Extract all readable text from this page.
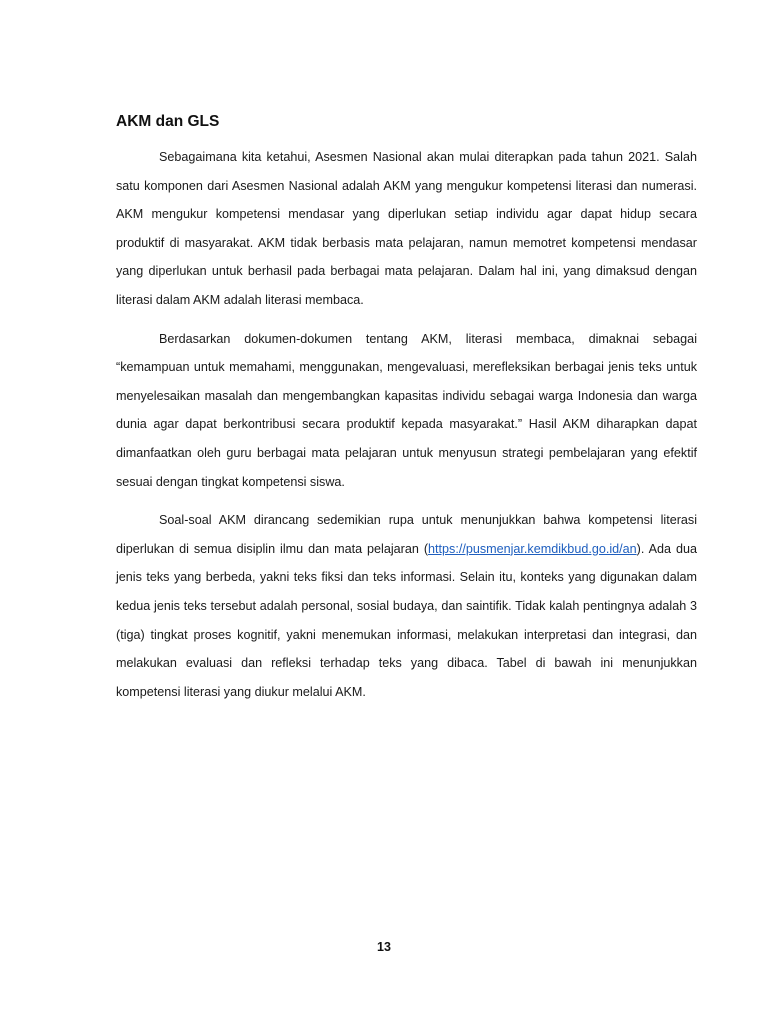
AKM dan GLS

Sebagaimana kita ketahui, Asesmen Nasional akan mulai diterapkan pada tahun 2021. Salah satu komponen dari Asesmen Nasional adalah AKM yang mengukur kompetensi literasi dan numerasi. AKM mengukur kompetensi mendasar yang diperlukan setiap individu agar dapat hidup secara produktif di masyarakat. AKM tidak berbasis mata pelajaran, namun memotret kompetensi mendasar yang diperlukan untuk berhasil pada berbagai mata pelajaran. Dalam hal ini, yang dimaksud dengan literasi dalam AKM adalah literasi membaca.

Berdasarkan dokumen-dokumen tentang AKM, literasi membaca, dimaknai sebagai “kemampuan untuk memahami, menggunakan, mengevaluasi, merefleksikan berbagai jenis teks untuk menyelesaikan masalah dan mengembangkan kapasitas individu sebagai warga Indonesia dan warga dunia agar dapat berkontribusi secara produktif kepada masyarakat.” Hasil AKM diharapkan dapat dimanfaatkan oleh guru berbagai mata pelajaran untuk menyusun strategi pembelajaran yang efektif sesuai dengan tingkat kompetensi siswa.

Soal-soal AKM dirancang sedemikian rupa untuk menunjukkan bahwa kompetensi literasi diperlukan di semua disiplin ilmu dan mata pelajaran (https://pusmenjar.kemdikbud.go.id/an). Ada dua jenis teks yang berbeda, yakni teks fiksi dan teks informasi. Selain itu, konteks yang digunakan dalam kedua jenis teks tersebut adalah personal, sosial budaya, dan saintifik. Tidak kalah pentingnya adalah 3 (tiga) tingkat proses kognitif, yakni menemukan informasi, melakukan interpretasi dan integrasi, dan melakukan evaluasi dan refleksi terhadap teks yang dibaca. Tabel di bawah ini menunjukkan kompetensi literasi yang diukur melalui AKM.

13
